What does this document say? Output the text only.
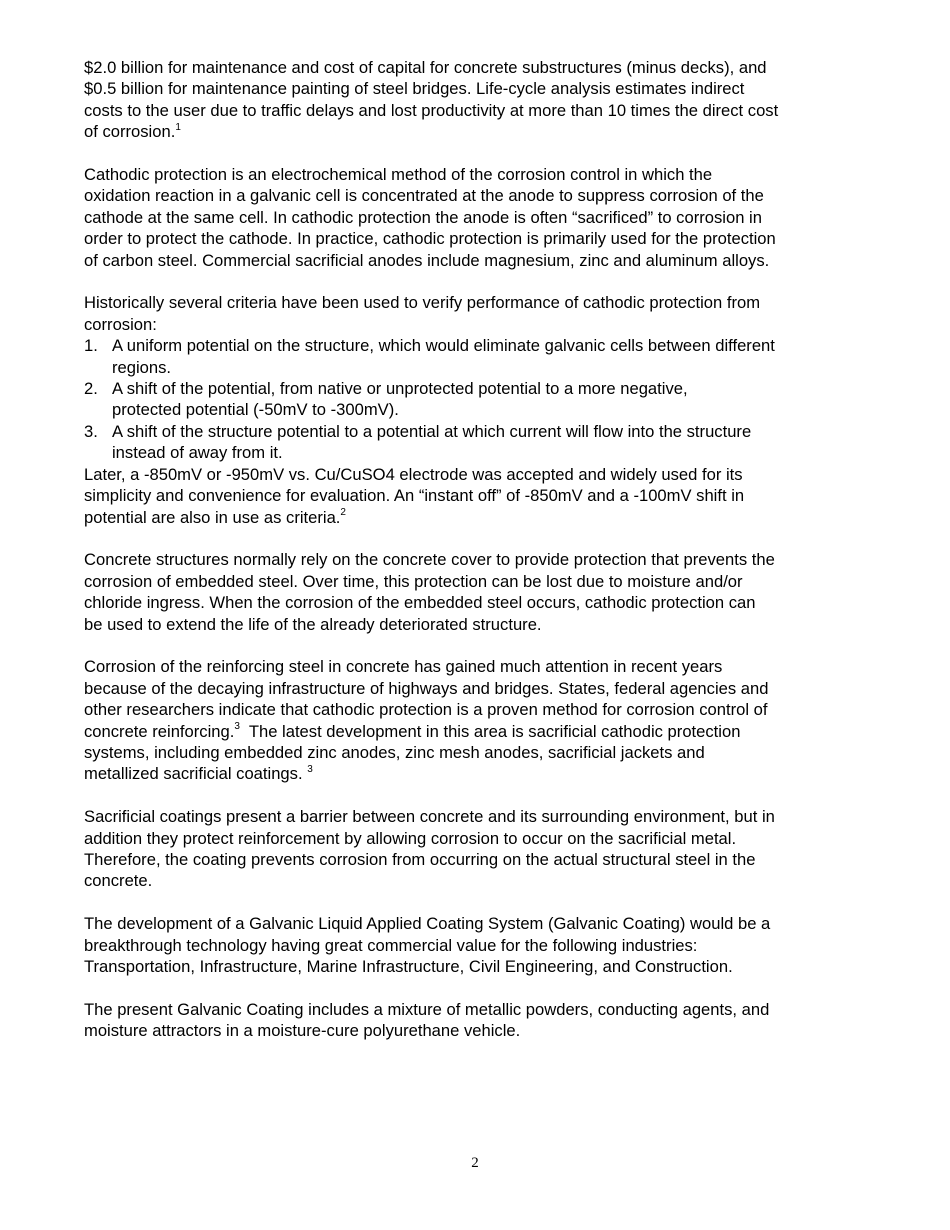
$2.0 billion for maintenance and cost of capital for concrete substructures (minus decks), and
$0.5 billion for maintenance painting of steel bridges. Life-cycle analysis estimates indirect
costs to the user due to traffic delays and lost productivity at more than 10 times the direct cost
of corrosion.$^1$

Cathodic protection is an electrochemical method of the corrosion control in which the
oxidation reaction in a galvanic cell is concentrated at the anode to suppress corrosion of the
cathode at the same cell. In cathodic protection the anode is often “sacrificed” to corrosion in
order to protect the cathode. In practice, cathodic protection is primarily used for the protection
of carbon steel. Commercial sacrificial anodes include magnesium, zinc and aluminum alloys.

Historically several criteria have been used to verify performance of cathodic protection from
corrosion:
1. A uniform potential on the structure, which would eliminate galvanic cells between different
regions.
2. A shift of the potential, from native or unprotected potential to a more negative,
protected potential (-50mV to -300mV).
3. A shift of the structure potential to a potential at which current will flow into the structure
instead of away from it.
Later, a -850mV or -950mV vs. Cu/CuSO4 electrode was accepted and widely used for its
simplicity and convenience for evaluation. An “instant off” of -850mV and a -100mV shift in
potential are also in use as criteria.$^2$

Concrete structures normally rely on the concrete cover to provide protection that prevents the
corrosion of embedded steel. Over time, this protection can be lost due to moisture and/or
chloride ingress. When the corrosion of the embedded steel occurs, cathodic protection can
be used to extend the life of the already deteriorated structure.

Corrosion of the reinforcing steel in concrete has gained much attention in recent years
because of the decaying infrastructure of highways and bridges. States, federal agencies and
other researchers indicate that cathodic protection is a proven method for corrosion control of
concrete reinforcing.$^3$  The latest development in this area is sacrificial cathodic protection
systems, including embedded zinc anodes, zinc mesh anodes, sacrificial jackets and
metallized sacrificial coatings. $^3$

Sacrificial coatings present a barrier between concrete and its surrounding environment, but in
addition they protect reinforcement by allowing corrosion to occur on the sacrificial metal.
Therefore, the coating prevents corrosion from occurring on the actual structural steel in the
concrete.

The development of a Galvanic Liquid Applied Coating System (Galvanic Coating) would be a
breakthrough technology having great commercial value for the following industries:
Transportation, Infrastructure, Marine Infrastructure, Civil Engineering, and Construction.

The present Galvanic Coating includes a mixture of metallic powders, conducting agents, and
moisture attractors in a moisture-cure polyurethane vehicle.

2
